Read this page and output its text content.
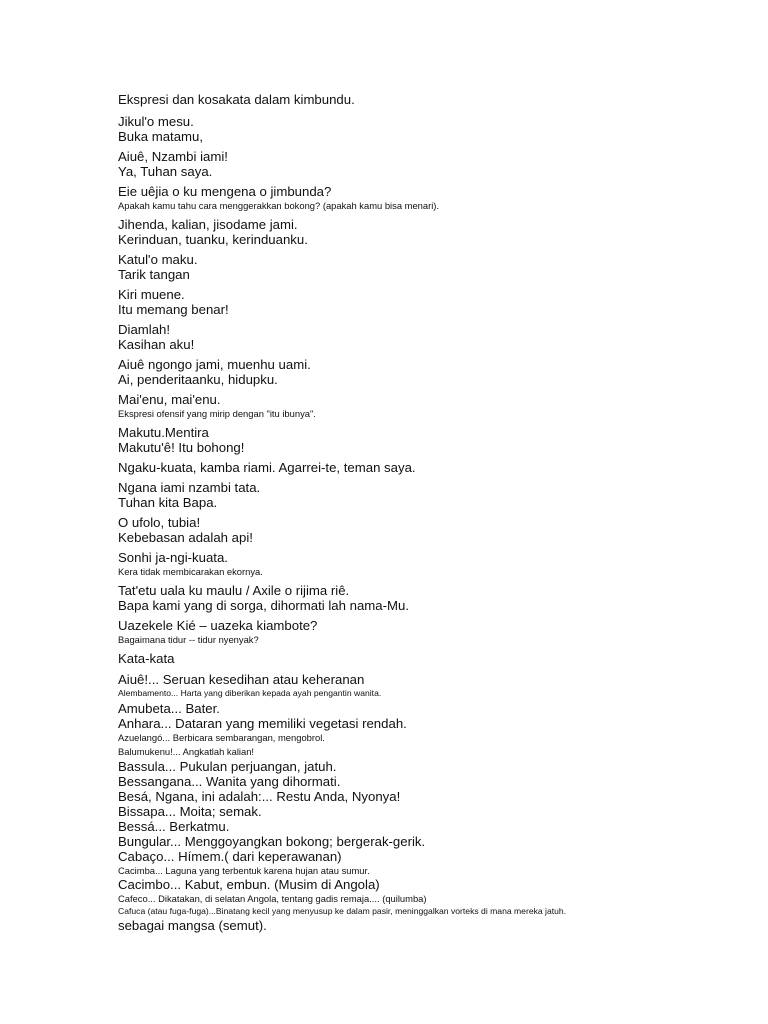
Ekspresi dan kosakata dalam kimbundu.
Jikul'o mesu.
Buka matamu,
Aiuê, Nzambi iami!
Ya, Tuhan saya.
Eie uêjia o ku mengena o jimbunda?
Apakah kamu tahu cara menggerakkan bokong? (apakah kamu bisa menari).
Jihenda, kalian, jisodame jami.
Kerinduan, tuanku, kerinduanku.
Katul'o maku.
Tarik tangan
Kiri muene.
Itu memang benar!
Diamlah!
Kasihan aku!
Aiuê ngongo jami, muenhu uami.
Ai, penderitaanku, hidupku.
Mai'enu, mai'enu.
Ekspresi ofensif yang mirip dengan "itu ibunya".
Makutu.Mentira
Makutu'ê! Itu bohong!
Ngaku-kuata, kamba riami. Agarrei-te, teman saya.
Ngana iami nzambi tata.
Tuhan kita Bapa.
O ufolo, tubia!
Kebebasan adalah api!
Sonhi ja-ngi-kuata.
Kera tidak membicarakan ekornya.
Tat'etu uala ku maulu / Axile o rijima riê.
Bapa kami yang di sorga, dihormati lah nama-Mu.
Uazekele Kié – uazeka kiambote?
Bagaimana tidur -- tidur nyenyak?
Kata-kata
Aiuê!... Seruan kesedihan atau keheranan
Alembamento... Harta yang diberikan kepada ayah pengantin wanita.
Amubeta... Bater.
Anhara... Dataran yang memiliki vegetasi rendah.
Azuelangó... Berbicara sembarangan, mengobrol.
Balumukenu!... Angkatlah kalian!
Bassula... Pukulan perjuangan, jatuh.
Bessangana... Wanita yang dihormati.
Besá, Ngana, ini adalah:... Restu Anda, Nyonya!
Bissapa... Moita; semak.
Bessá... Berkatmu.
Bungular... Menggoyangkan bokong; bergerak-gerik.
Cabaço... Hímem.( dari keperawanan)
Cacimba... Laguna yang terbentuk karena hujan atau sumur.
Cacimbo... Kabut, embun. (Musim di Angola)
Cafeco... Dikatakan, di selatan Angola, tentang gadis remaja.... (quilumba)
Cafuca (atau fuga-fuga)...Binatang kecil yang menyusup ke dalam pasir, meninggalkan vorteks di mana mereka jatuh.
sebagai mangsa (semut).
